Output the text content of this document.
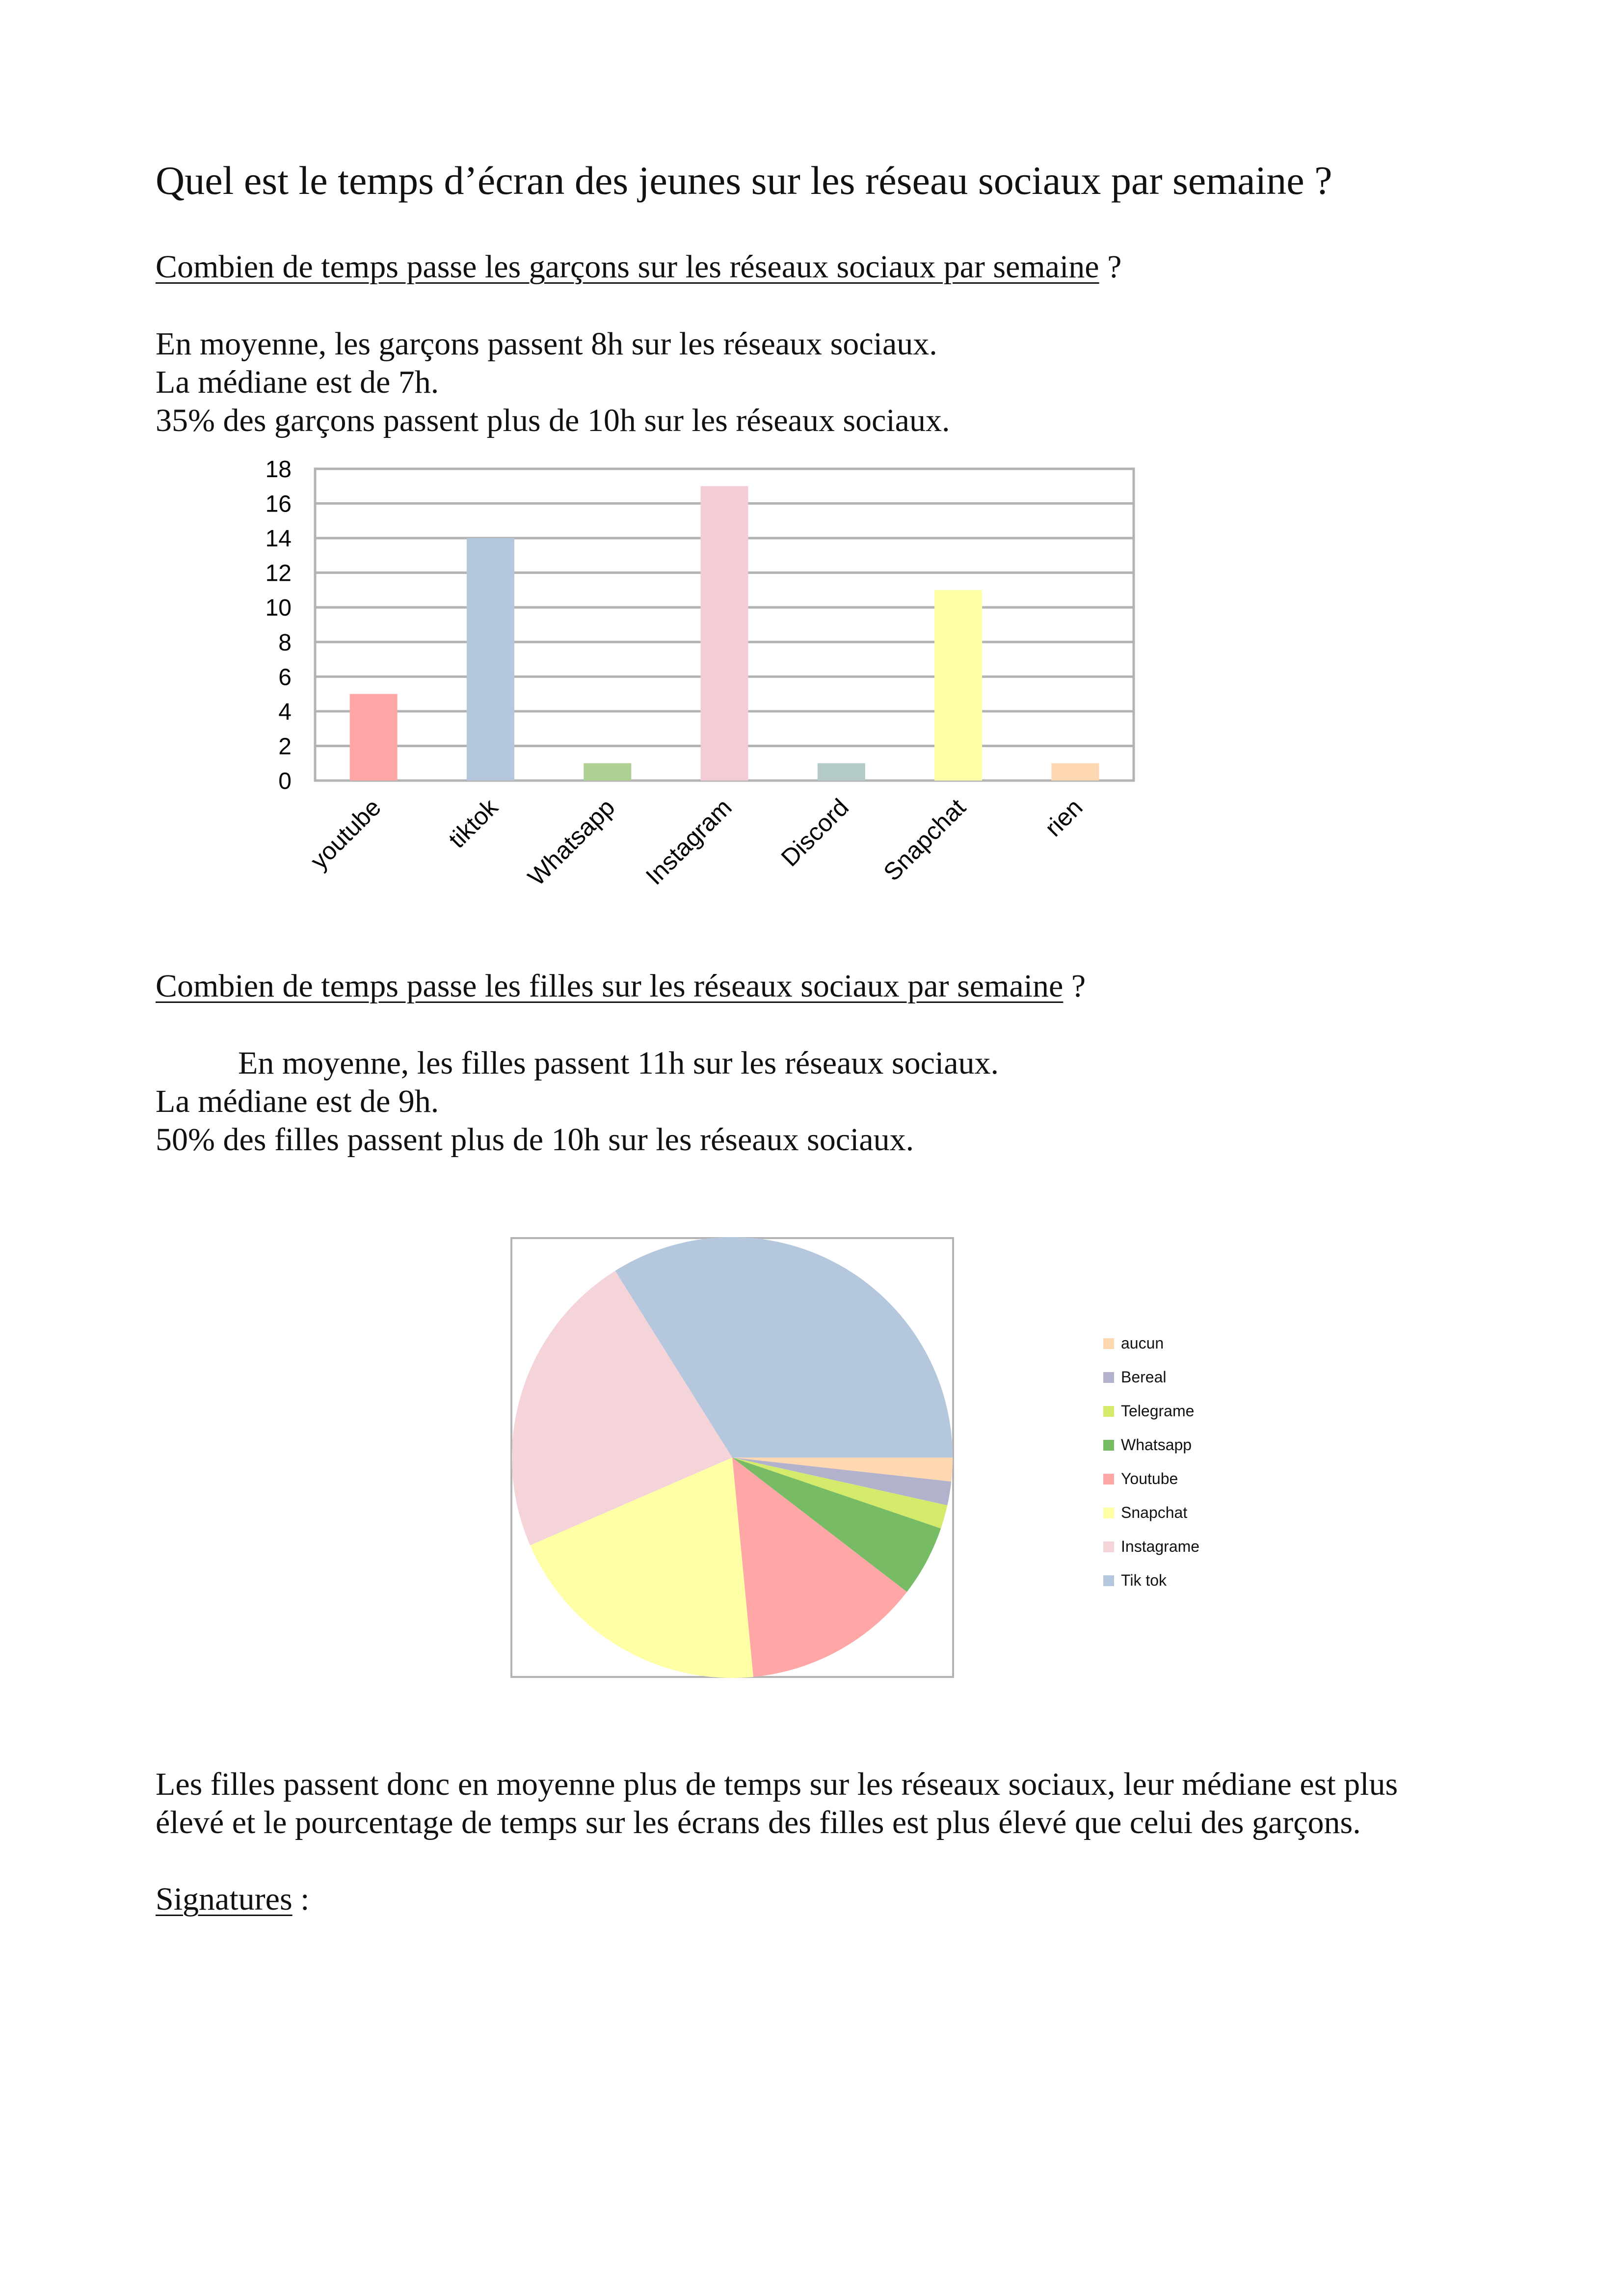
Quel est le temps d’écran des jeunes sur les réseau sociaux par semaine ?

Combien de temps passe les garçons sur les réseaux sociaux par semaine ?

En moyenne, les garçons passent 8h sur les réseaux sociaux.

La médiane est de 7h.

35% des garçons passent plus de 10h sur les réseaux sociaux.

0
2
4
6
8
10
12
14
16
18
youtube tiktok Whatsapp Instagram Discord Snapchat	rien

Combien de temps passe les filles sur les réseaux sociaux par semaine ?

En moyenne, les filles passent 11h sur les réseaux sociaux.

La médiane est de 9h.

50% des filles passent plus de 10h sur les réseaux sociaux.

aucun
Bereal
Telegrame
Whatsapp
Youtube
Snapchat
Instagrame
Tik tok

Les filles passent donc en moyenne plus de temps sur les réseaux sociaux, leur médiane est plus

élevé et le pourcentage de temps sur les écrans des filles est plus élevé que celui des garçons.

Signatures :
